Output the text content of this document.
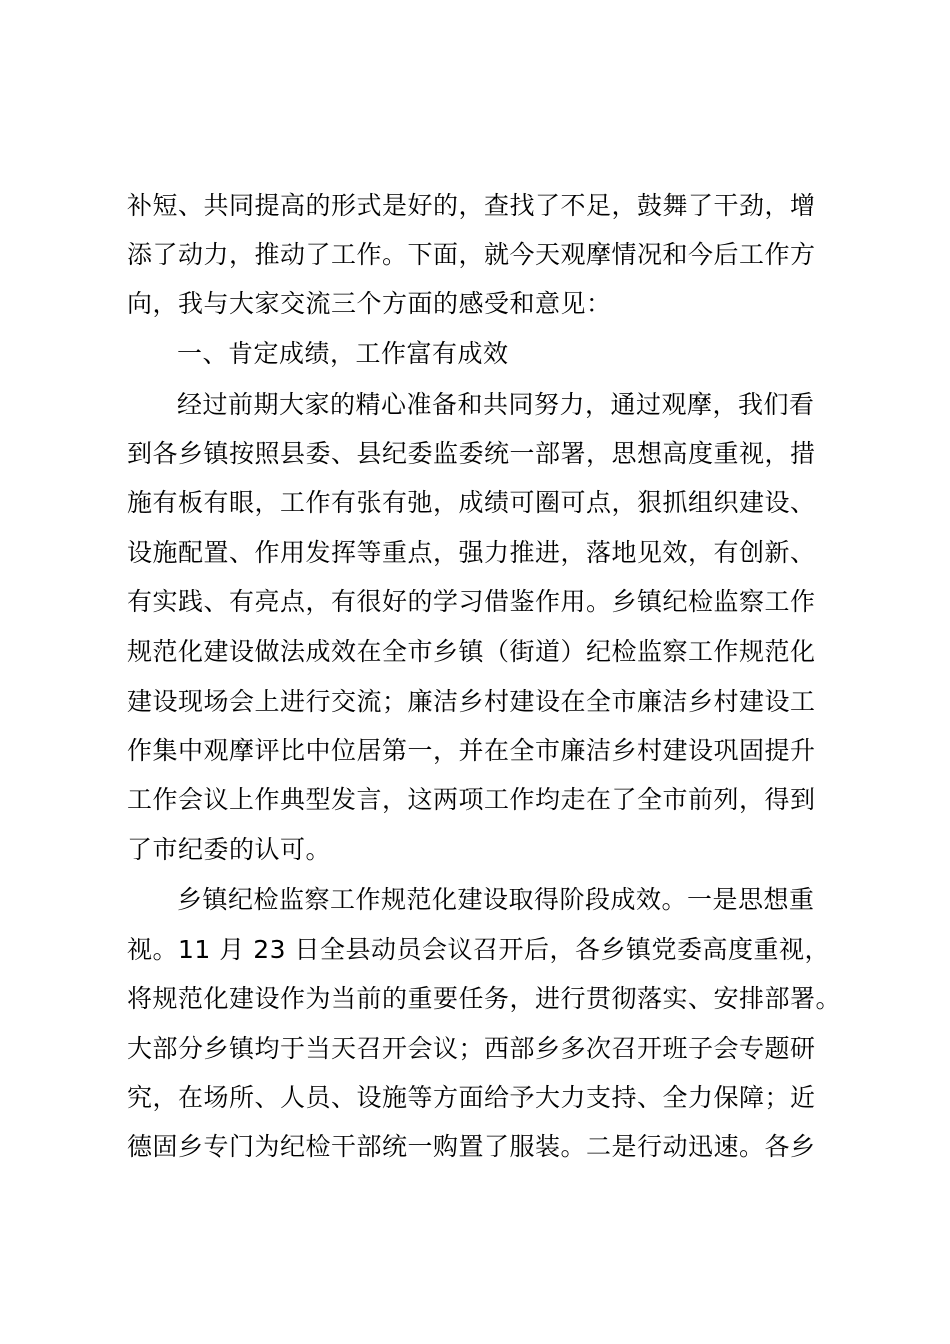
补短、共同提高的形式是好的，查找了不足，鼓舞了干劲，增
添了动力，推动了工作。下面，就今天观摩情况和今后工作方
向，我与大家交流三个方面的感受和意见：
一、肯定成绩，工作富有成效
经过前期大家的精心准备和共同努力，通过观摩，我们看
到各乡镇按照县委、县纪委监委统一部署，思想高度重视，措
施有板有眼，工作有张有弛，成绩可圈可点，狠抓组织建设、
设施配置、作用发挥等重点，强力推进，落地见效，有创新、
有实践、有亮点，有很好的学习借鉴作用。乡镇纪检监察工作
规范化建设做法成效在全市乡镇（街道）纪检监察工作规范化
建设现场会上进行交流；廉洁乡村建设在全市廉洁乡村建设工
作集中观摩评比中位居第一，并在全市廉洁乡村建设巩固提升
工作会议上作典型发言，这两项工作均走在了全市前列，得到
了市纪委的认可。
乡镇纪检监察工作规范化建设取得阶段成效。一是思想重
视。11 月 23 日全县动员会议召开后，各乡镇党委高度重视，
将规范化建设作为当前的重要任务，进行贯彻落实、安排部署。
大部分乡镇均于当天召开会议；西部乡多次召开班子会专题研
究，在场所、人员、设施等方面给予大力支持、全力保障；近
德固乡专门为纪检干部统一购置了服装。二是行动迅速。各乡
